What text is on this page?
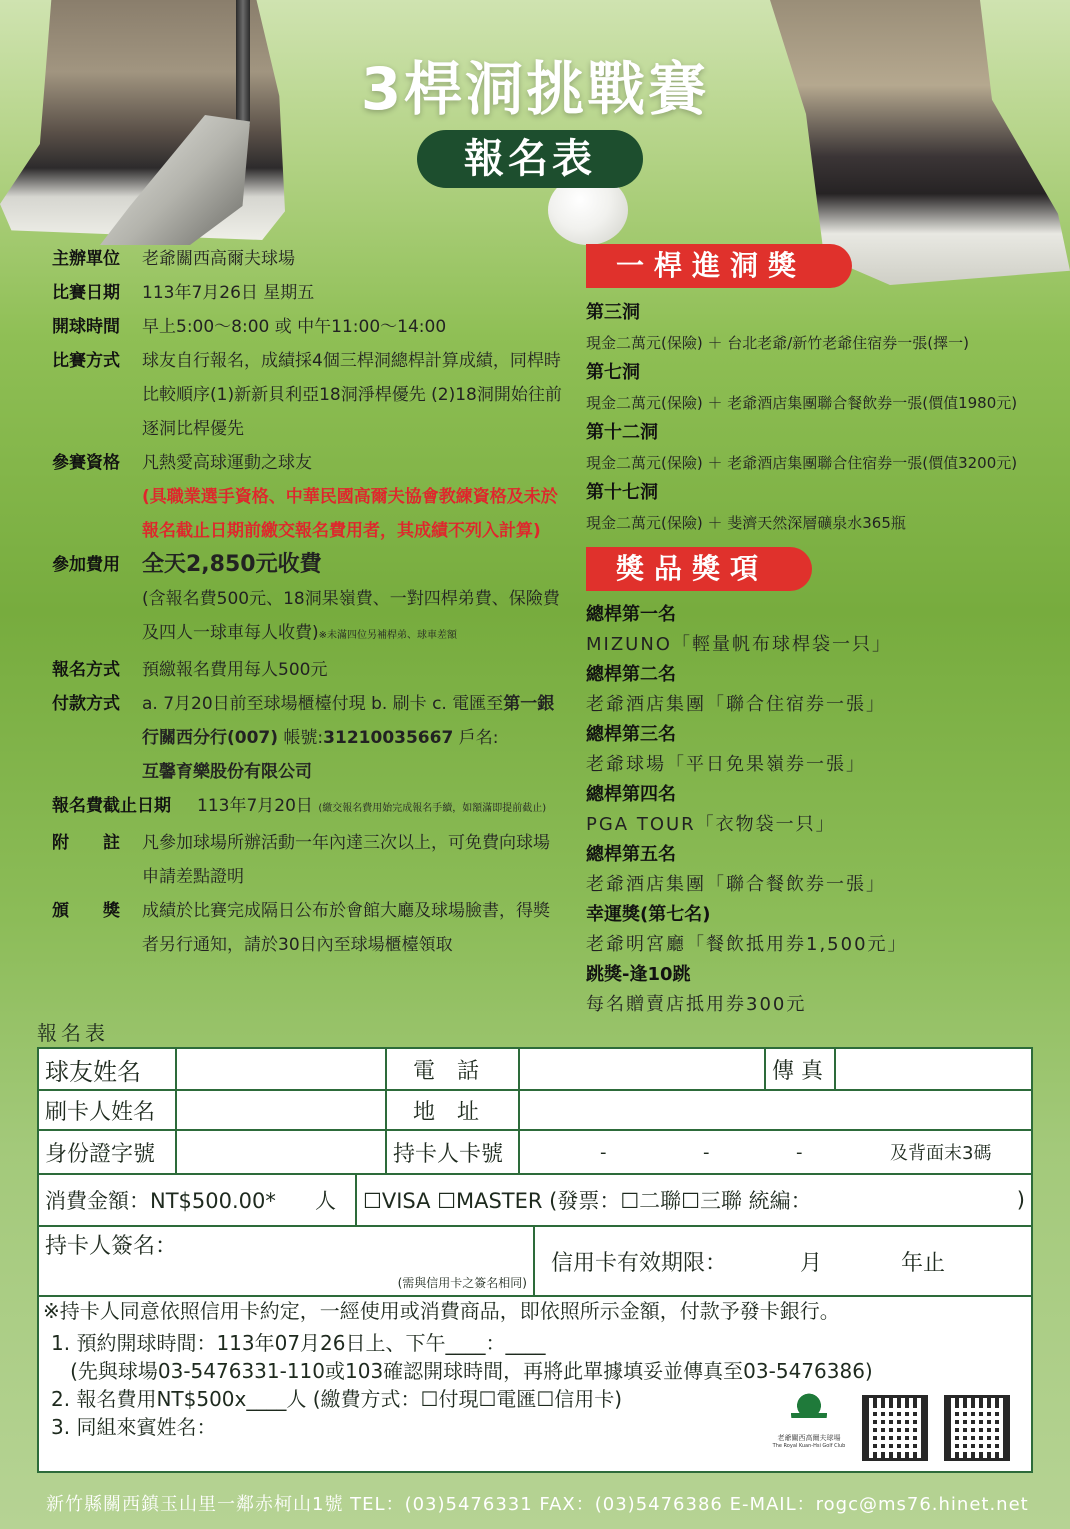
3桿洞挑戰賽
報名表
主辦單位	老爺關西高爾夫球場
比賽日期	113年7月26日 星期五
開球時間	早上5:00～8:00 或 中午11:00～14:00
比賽方式	球友自行報名，成績採4個三桿洞總桿計算成績，同桿時比較順序(1)新新貝利亞18洞淨桿優先 (2)18洞開始往前逐洞比桿優先
參賽資格	凡熱愛高球運動之球友
(具職業選手資格、中華民國高爾夫協會教練資格及未於報名截止日期前繳交報名費用者，其成績不列入計算)
參加費用	全天2,850元收費
(含報名費500元、18洞果嶺費、一對四桿弟費、保險費及四人一球車每人收費)※未滿四位另補桿弟、球車差額
報名方式	預繳報名費用每人500元
付款方式	a. 7月20日前至球場櫃檯付現 b. 刷卡 c. 電匯至第一銀行關西分行(007) 帳號:31210035667 戶名:
互馨育樂股份有限公司
報名費截止日期	113年7月20日 (繳交報名費用始完成報名手續，如額滿即提前截止)
附　　註	凡參加球場所辦活動一年內達三次以上，可免費向球場申請差點證明
頒　　獎	成績於比賽完成隔日公布於會館大廳及球場臉書，得獎者另行通知，請於30日內至球場櫃檯領取
一桿進洞獎
第三洞
現金二萬元(保險) ＋ 台北老爺/新竹老爺住宿券一張(擇一)
第七洞
現金二萬元(保險) ＋ 老爺酒店集團聯合餐飲券一張(價值1980元)
第十二洞
現金二萬元(保險) ＋ 老爺酒店集團聯合住宿券一張(價值3200元)
第十七洞
現金二萬元(保險) ＋ 斐濟天然深層礦泉水365瓶
獎品獎項
總桿第一名
MIZUNO「輕量帆布球桿袋一只」
總桿第二名
老爺酒店集團「聯合住宿券一張」
總桿第三名
老爺球場「平日免果嶺券一張」
總桿第四名
PGA TOUR「衣物袋一只」
總桿第五名
老爺酒店集團「聯合餐飲券一張」
幸運獎(第七名)
老爺明宮廳「餐飲抵用券1,500元」
跳獎-逢10跳
每名贈賣店抵用券300元
報名表
球友姓名	電　話	傳 真
刷卡人姓名	地　址
身份證字號	持卡人卡號	-	-	-	及背面末3碼
消費金額：NT$500.00* 人 ☐VISA ☐MASTER (發票：☐二聯☐三聯 統編：	)
持卡人簽名：
(需與信用卡之簽名相同)
信用卡有效期限：	月	年止
※持卡人同意依照信用卡約定，一經使用或消費商品，即依照所示金額，付款予發卡銀行。
1. 預約開球時間：113年07月26日上、下午____：____
(先與球場03-5476331-110或103確認開球時間，再將此單據填妥並傳真至03-5476386)
2. 報名費用NT$500x____人 (繳費方式：☐付現☐電匯☐信用卡)
3. 同組來賓姓名：	老爺關西高爾夫球場
The Royal Kuan-Hsi Golf Club
新竹縣關西鎮玉山里一鄰赤柯山1號 TEL：(03)5476331 FAX：(03)5476386 E-MAIL：rogc@ms76.hinet.net
